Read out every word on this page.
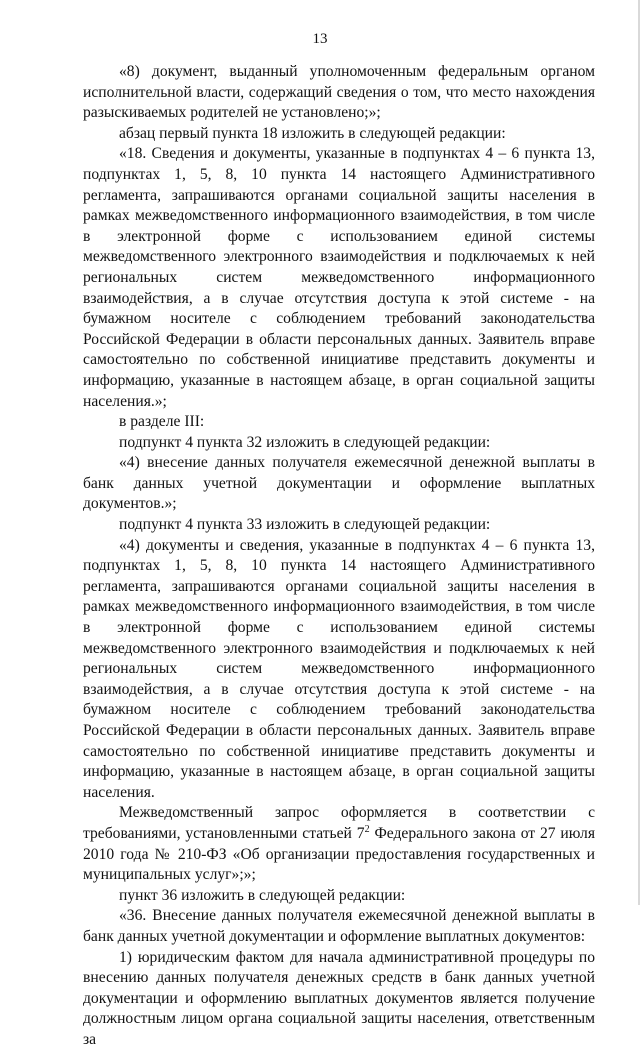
13

«8) документ, выданный уполномоченным федеральным органом исполнительной власти, содержащий сведения о том, что место нахождения разыскиваемых родителей не установлено;»;

абзац первый пункта 18 изложить в следующей редакции:

«18. Сведения и документы, указанные в подпунктах 4 – 6 пункта 13, подпунктах 1, 5, 8, 10 пункта 14 настоящего Административного регламента, запрашиваются органами социальной защиты населения в рамках межведомственного информационного взаимодействия, в том числе в электронной форме с использованием единой системы межведомственного электронного взаимодействия и подключаемых к ней региональных систем межведомственного информационного взаимодействия, а в случае отсутствия доступа к этой системе - на бумажном носителе с соблюдением требований законодательства Российской Федерации в области персональных данных. Заявитель вправе самостоятельно по собственной инициативе представить документы и информацию, указанные в настоящем абзаце, в орган социальной защиты населения.»;

в разделе III:

подпункт 4 пункта 32 изложить в следующей редакции:

«4) внесение данных получателя ежемесячной денежной выплаты в банк данных учетной документации и оформление выплатных документов.»;

подпункт 4 пункта 33 изложить в следующей редакции:

«4) документы и сведения, указанные в подпунктах 4 – 6 пункта 13, подпунктах 1, 5, 8, 10 пункта 14 настоящего Административного регламента, запрашиваются органами социальной защиты населения в рамках межведомственного информационного взаимодействия, в том числе в электронной форме с использованием единой системы межведомственного электронного взаимодействия и подключаемых к ней региональных систем межведомственного информационного взаимодействия, а в случае отсутствия доступа к этой системе - на бумажном носителе с соблюдением требований законодательства Российской Федерации в области персональных данных. Заявитель вправе самостоятельно по собственной инициативе представить документы и информацию, указанные в настоящем абзаце, в орган социальной защиты населения.

Межведомственный запрос оформляется в соответствии с требованиями, установленными статьей $7^2$ Федерального закона от 27 июля 2010 года № 210-ФЗ «Об организации предоставления государственных и муниципальных услуг»;»;

пункт 36 изложить в следующей редакции:

«36. Внесение данных получателя ежемесячной денежной выплаты в банк данных учетной документации и оформление выплатных документов:

1) юридическим фактом для начала административной процедуры по внесению данных получателя денежных средств в банк данных учетной документации и оформлению выплатных документов является получение должностным лицом органа социальной защиты населения, ответственным за
